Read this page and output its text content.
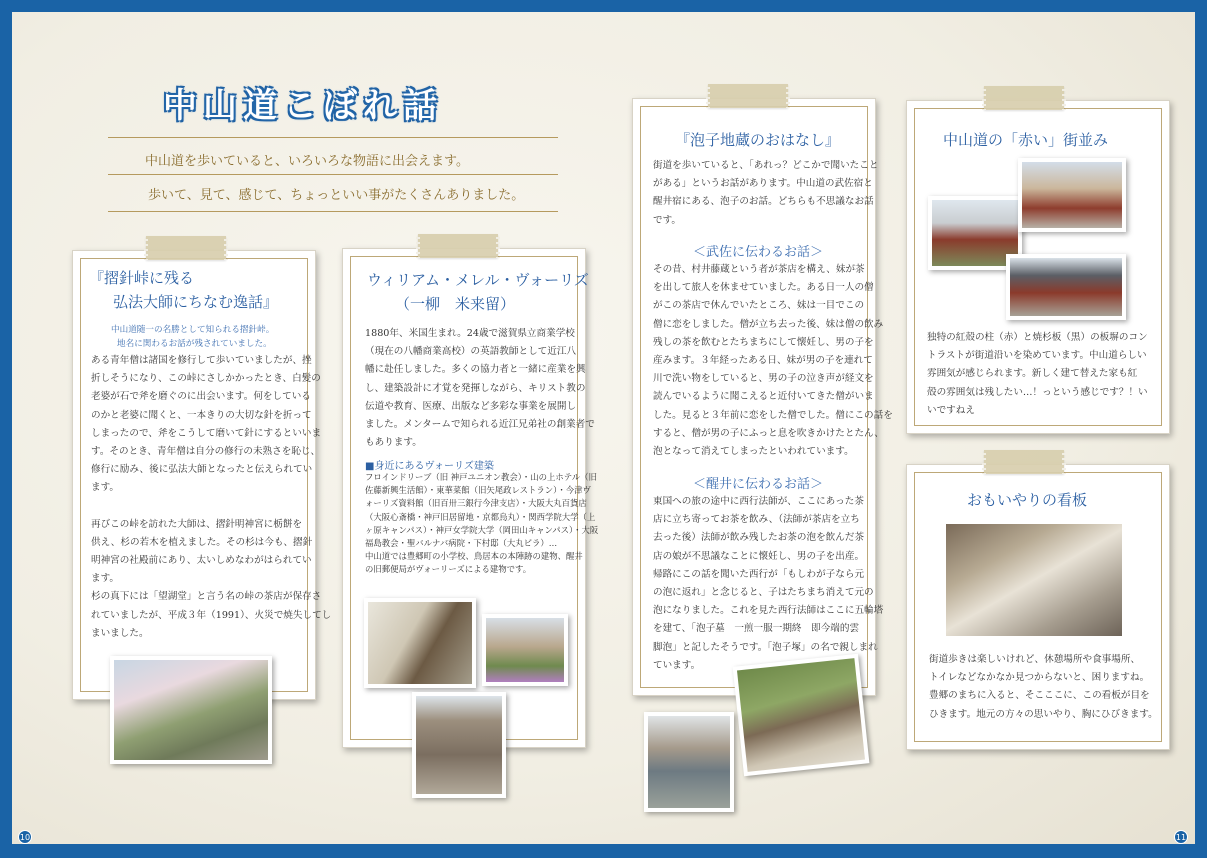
中山道こぼれ話
中山道を歩いていると、いろいろな物語に出会えます。
歩いて、見て、感じて、ちょっといい事がたくさんありました。
『摺針峠に残る
弘法大師にちなむ逸話』
中山道随一の名勝として知られる摺針峠。
地名に関わるお話が残されていました。
ある青年僧は諸国を修行して歩いていましたが、挫
折しそうになり、この峠にさしかかったとき、白髪の
老婆が石で斧を磨ぐのに出会います。何をしている
のかと老婆に聞くと、一本きりの大切な針を折って
しまったので、斧をこうして磨いて針にするといいま
す。そのとき、青年僧は自分の修行の未熟さを恥じ、
修行に励み、後に弘法大師となったと伝えられてい
ます。
再びこの峠を訪れた大師は、摺針明神宮に栃餅を
供え、杉の若木を植えました。その杉は今も、摺針
明神宮の社殿前にあり、太いしめなわがはられてい
ます。
杉の真下には「望湖堂」と言う名の峠の茶店が保存さ
れていましたが、平成３年（1991）、火災で焼失してし
まいました。
ウィリアム・メレル・ヴォーリズ
（一柳　米来留）
1880年、米国生まれ。24歳で滋賀県立商業学校
（現在の八幡商業高校）の英語教師として近江八
幡に赴任しました。多くの協力者と一緒に産業を興
し、建築設計に才覚を発揮しながら、キリスト教の
伝道や教育、医療、出版など多彩な事業を展開し
ました。メンタームで知られる近江兄弟社の創業者で
もあります。
■身近にあるヴォーリズ建築
フロインドリーブ（旧 神戸ユニオン教会）・山の上ホテル（旧
佐藤新興生活館）・東華菜館（旧矢尾政レストラン）・今津ヴ
ォーリズ資料館（旧百卅三銀行今津支店）・大阪大丸百貨店
（大阪心斎橋・神戸旧居留地・京都烏丸）・関西学院大学（上
ヶ原キャンパス）・神戸女学院大学（岡田山キャンパス）・大阪
福島教会・聖バルナバ病院・下村邸（大丸ビラ）…
中山道では豊郷町の小学校、鳥居本の本陣跡の建物、醒井
の旧郵便局がヴォーリーズによる建物です。
『泡子地蔵のおはなし』
街道を歩いていると、「あれっ？どこかで聞いたこと
がある」というお話があります。中山道の武佐宿と
醒井宿にある、泡子のお話。どちらも不思議なお話
です。
＜武佐に伝わるお話＞
その昔、村井藤蔵という者が茶店を構え、妹が茶
を出して旅人を休ませていました。ある日一人の僧
がこの茶店で休んでいたところ、妹は一目でこの
僧に恋をしました。僧が立ち去った後、妹は僧の飲み
残しの茶を飲むとたちまちにして懐妊し、男の子を
産みます。３年経ったある日、妹が男の子を連れて
川で洗い物をしていると、男の子の泣き声が経文を
読んでいるように聞こえると近付いてきた僧がいま
した。見ると３年前に恋をした僧でした。僧にこの話を
すると、僧が男の子にふっと息を吹きかけたとたん、
泡となって消えてしまったといわれています。
＜醒井に伝わるお話＞
東国への旅の途中に西行法師が、ここにあった茶
店に立ち寄ってお茶を飲み、（法師が茶店を立ち
去った後）法師が飲み残したお茶の泡を飲んだ茶
店の娘が不思議なことに懐妊し、男の子を出産。
帰路にこの話を聞いた西行が「もしわが子なら元
の泡に返れ」と念じると、子はたちまち消えて元の
泡になりました。これを見た西行法師はここに五輪塔
を建て、「泡子墓　一煎一服一期終　即今端的雲
脚泡」と記したそうです。「泡子塚」の名で親しまれ
ています。
中山道の「赤い」街並み
独特の紅殻の柱（赤）と焼杉板（黒）の板塀のコン
トラストが街道沿いを染めています。中山道らしい
雰囲気が感じられます。新しく建て替えた家も紅
殻の雰囲気は残したい…！っという感じです？！い
いですねえ
おもいやりの看板
街道歩きは楽しいけれど、休憩場所や食事場所、
トイレなどなかなか見つからないと、困りますね。
豊郷のまちに入ると、そこここに、この看板が目を
ひきます。地元の方々の思いやり、胸にひびきます。
10	11
